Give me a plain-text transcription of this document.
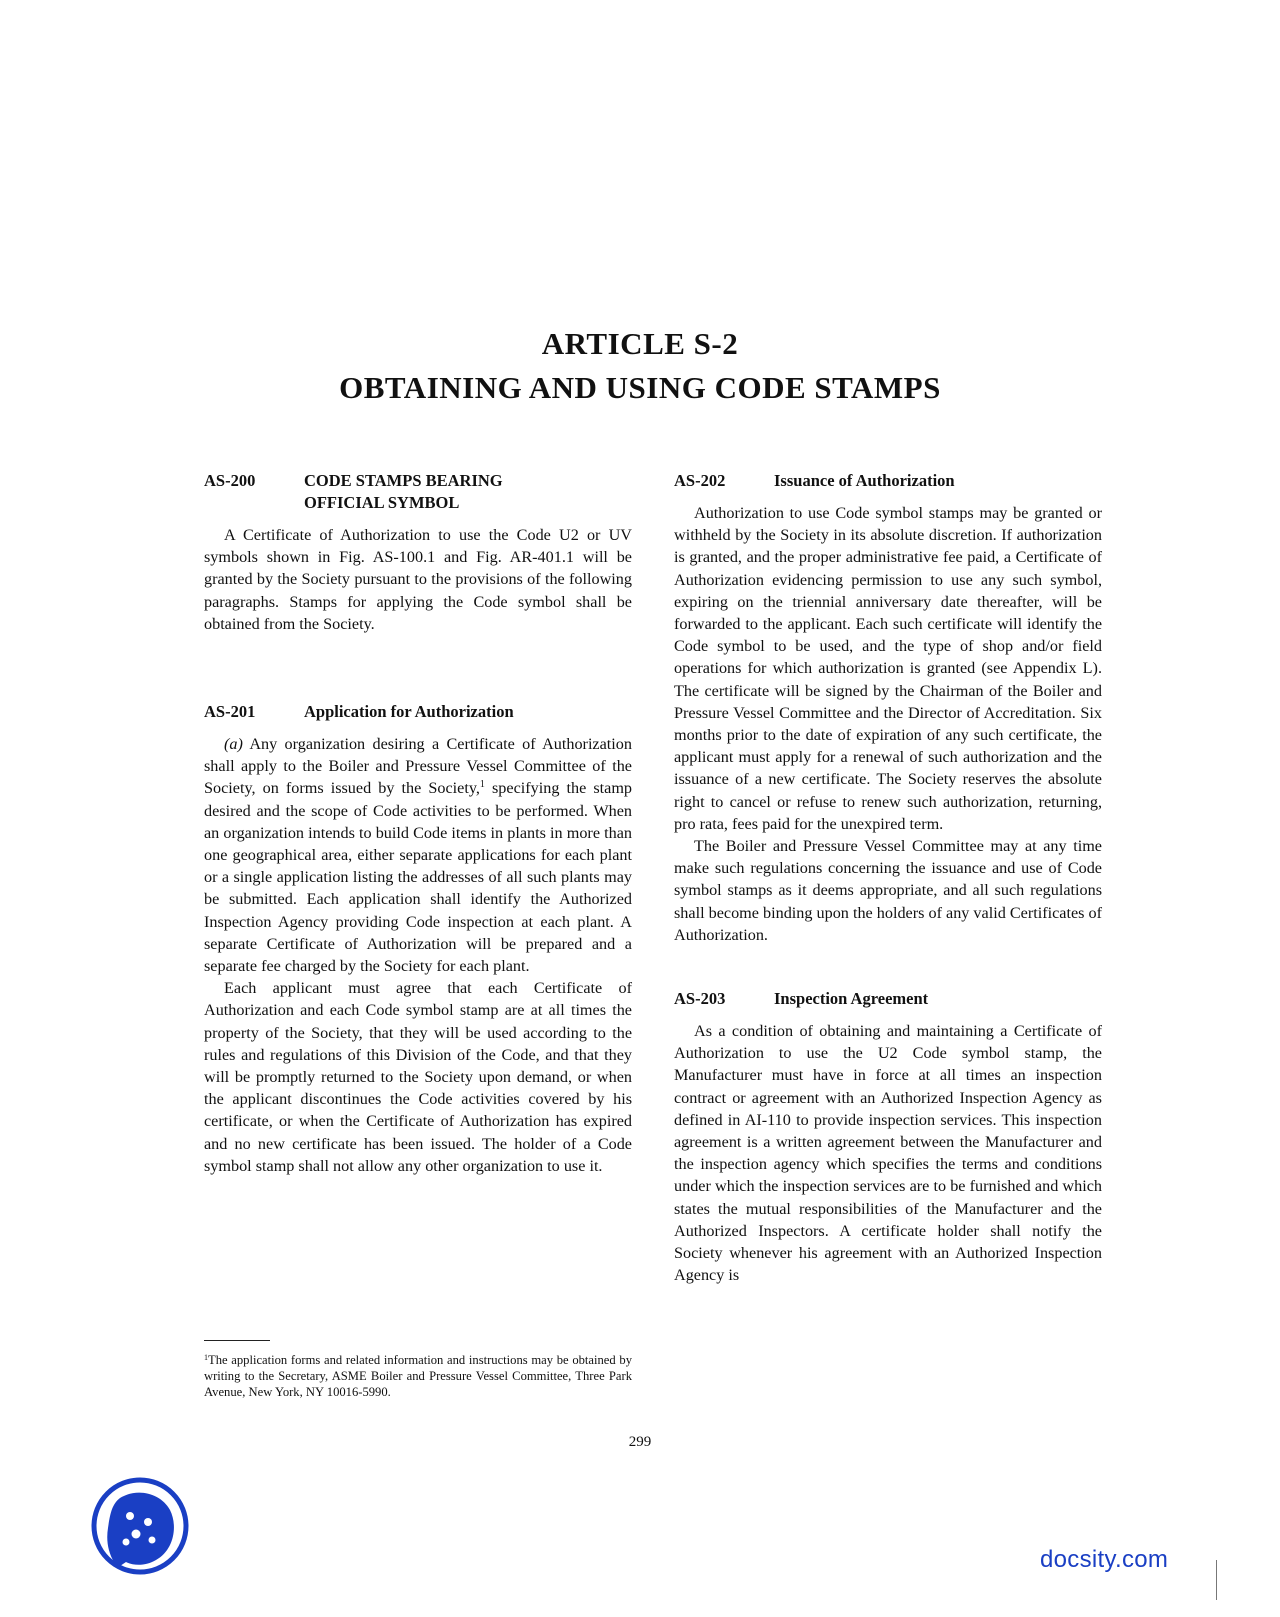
ARTICLE S-2
OBTAINING AND USING CODE STAMPS
AS-200	CODE STAMPS BEARING
OFFICIAL SYMBOL

A Certificate of Authorization to use the Code U2 or UV symbols shown in Fig. AS-100.1 and Fig. AR-401.1 will be granted by the Society pursuant to the provisions of the following paragraphs. Stamps for applying the Code symbol shall be obtained from the Society.

AS-201	Application for Authorization

(a) Any organization desiring a Certificate of Authorization shall apply to the Boiler and Pressure Vessel Committee of the Society, on forms issued by the Society,$^1$ specifying the stamp desired and the scope of Code activities to be performed. When an organization intends to build Code items in plants in more than one geographical area, either separate applications for each plant or a single application listing the addresses of all such plants may be submitted. Each application shall identify the Authorized Inspection Agency providing Code inspection at each plant. A separate Certificate of Authorization will be prepared and a separate fee charged by the Society for each plant.

Each applicant must agree that each Certificate of Authorization and each Code symbol stamp are at all times the property of the Society, that they will be used according to the rules and regulations of this Division of the Code, and that they will be promptly returned to the Society upon demand, or when the applicant discontinues the Code activities covered by his certificate, or when the Certificate of Authorization has expired and no new certificate has been issued. The holder of a Code symbol stamp shall not allow any other organization to use it.

$^1$The application forms and related information and instructions may be obtained by writing to the Secretary, ASME Boiler and Pressure Vessel Committee, Three Park Avenue, New York, NY 10016-5990.
AS-202	Issuance of Authorization

Authorization to use Code symbol stamps may be granted or withheld by the Society in its absolute discretion. If authorization is granted, and the proper administrative fee paid, a Certificate of Authorization evidencing permission to use any such symbol, expiring on the triennial anniversary date thereafter, will be forwarded to the applicant. Each such certificate will identify the Code symbol to be used, and the type of shop and/or field operations for which authorization is granted (see Appendix L). The certificate will be signed by the Chairman of the Boiler and Pressure Vessel Committee and the Director of Accreditation. Six months prior to the date of expiration of any such certificate, the applicant must apply for a renewal of such authorization and the issuance of a new certificate. The Society reserves the absolute right to cancel or refuse to renew such authorization, returning, pro rata, fees paid for the unexpired term.

The Boiler and Pressure Vessel Committee may at any time make such regulations concerning the issuance and use of Code symbol stamps as it deems appropriate, and all such regulations shall become binding upon the holders of any valid Certificates of Authorization.

AS-203	Inspection Agreement

As a condition of obtaining and maintaining a Certificate of Authorization to use the U2 Code symbol stamp, the Manufacturer must have in force at all times an inspection contract or agreement with an Authorized Inspection Agency as defined in AI-110 to provide inspection services. This inspection agreement is a written agreement between the Manufacturer and the inspection agency which specifies the terms and conditions under which the inspection services are to be furnished and which states the mutual responsibilities of the Manufacturer and the Authorized Inspectors. A certificate holder shall notify the Society whenever his agreement with an Authorized Inspection Agency is

299
docsity.com
